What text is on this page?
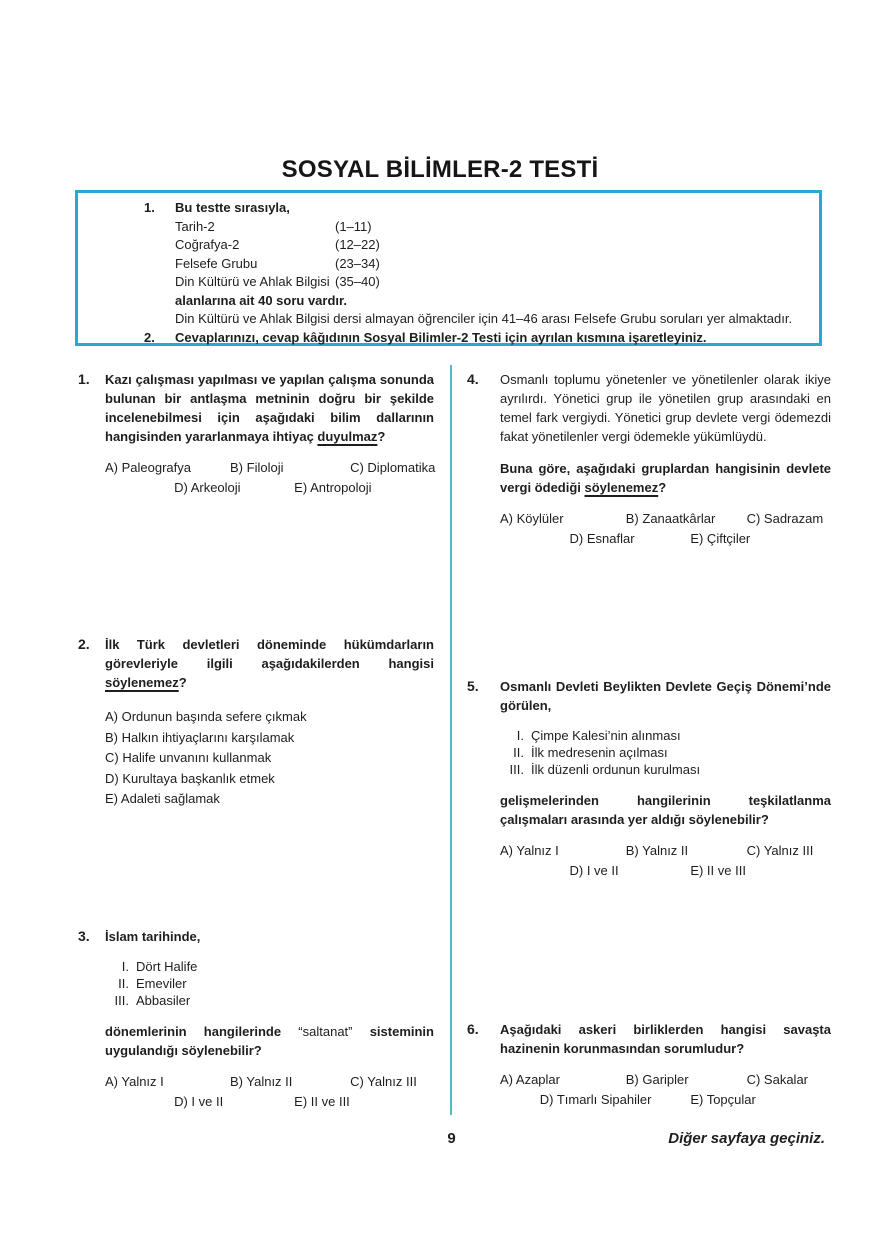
SOSYAL BİLİMLER-2 TESTİ
1.	Bu testte sırasıyla,
Tarih-2	(1–11)
Coğrafya-2	(12–22)
Felsefe Grubu	(23–34)
Din Kültürü ve Ahlak Bilgisi (35–40)
alanlarına ait 40 soru vardır.
Din Kültürü ve Ahlak Bilgisi dersi almayan öğrenciler için 41–46 arası Felsefe Grubu soruları yer almaktadır.
2.	Cevaplarınızı, cevap kâğıdının Sosyal Bilimler-2 Testi için ayrılan kısmına işaretleyiniz.
1.	Kazı çalışması yapılması ve yapılan çalışma sonunda bulunan bir antlaşma metninin doğru bir şekilde incelenebilmesi için aşağıdaki bilim dallarının hangisinden yararlanmaya ihtiyaç duyulmaz?

A) Paleografya	B) Filoloji	C) Diplomatika
D) Arkeoloji	E) Antropoloji
2.	İlk Türk devletleri döneminde hükümdarların görevleriyle ilgili aşağıdakilerden hangisi söylenemez?

A) Ordunun başında sefere çıkmak
B) Halkın ihtiyaçlarını karşılamak
C) Halife unvanını kullanmak
D) Kurultaya başkanlık etmek
E) Adaleti sağlamak
3.	İslam tarihinde,

I. Dört Halife
II. Emeviler
III. Abbasiler

dönemlerinin hangilerinde “saltanat” sisteminin uygulandığı söylenebilir?

A) Yalnız I	B) Yalnız II	C) Yalnız III
D) I ve II	E) II ve III
4.	Osmanlı toplumu yönetenler ve yönetilenler olarak ikiye ayrılırdı. Yönetici grup ile yönetilen grup arasındaki en temel fark vergiydi. Yönetici grup devlete vergi ödemezdi fakat yönetilenler vergi ödemekle yükümlüydü.

Buna göre, aşağıdaki gruplardan hangisinin devlete vergi ödediği söylenemez?

A) Köylüler	B) Zanaatkârlar C) Sadrazam
D) Esnaflar	E) Çiftçiler
5.	Osmanlı Devleti Beylikten Devlete Geçiş Dönemi’nde görülen,

I. Çimpe Kalesi’nin alınması
II. İlk medresenin açılması
III. İlk düzenli ordunun kurulması

gelişmelerinden hangilerinin teşkilatlanma çalışmaları arasında yer aldığı söylenebilir?

A) Yalnız I	B) Yalnız II	C) Yalnız III
D) I ve II	E) II ve III
6.	Aşağıdaki askeri birliklerden hangisi savaşta hazinenin korunmasından sorumludur?

A) Azaplar	B) Garipler	C) Sakalar
D) Tımarlı Sipahiler	E) Topçular
9	Diğer sayfaya geçiniz.
